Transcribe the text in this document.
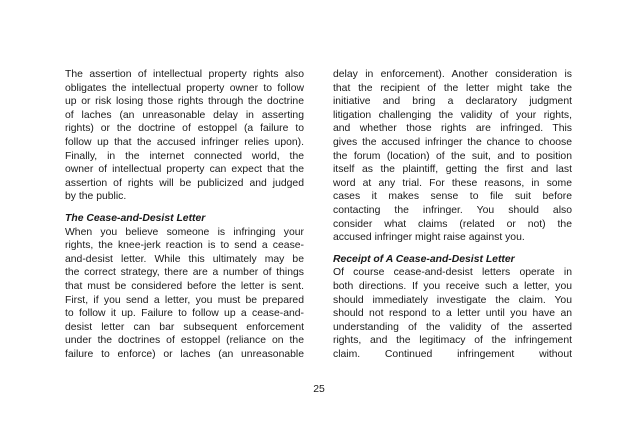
The assertion of intellectual property rights also
obligates the intellectual property owner to follow
up or risk losing those rights through the doctrine
of laches (an unreasonable delay in asserting
rights) or the doctrine of estoppel (a failure to
follow up that the accused infringer relies upon).
Finally, in the internet connected world, the
owner of intellectual property can expect that the
assertion of rights will be publicized and judged
by the public.
The Cease-and-Desist Letter
When you believe someone is infringing your
rights, the knee-jerk reaction is to send a cease-
and-desist letter. While this ultimately may be
the correct strategy, there are a number of things
that must be considered before the letter is sent.
First, if you send a letter, you must be prepared
to follow it up. Failure to follow up a cease-and-
desist letter can bar subsequent enforcement
under the doctrines of estoppel (reliance on the
failure to enforce) or laches (an unreasonable
delay in enforcement). Another consideration is
that the recipient of the letter might take the
initiative and bring a declaratory judgment
litigation challenging the validity of your rights,
and whether those rights are infringed. This
gives the accused infringer the chance to choose
the forum (location) of the suit, and to position
itself as the plaintiff, getting the first and last
word at any trial. For these reasons, in some
cases it makes sense to file suit before
contacting the infringer. You should also
consider what claims (related or not) the
accused infringer might raise against you.
Receipt of A Cease-and-Desist Letter
Of course cease-and-desist letters operate in
both directions. If you receive such a letter, you
should immediately investigate the claim. You
should not respond to a letter until you have an
understanding of the validity of the asserted
rights, and the legitimacy of the infringement
claim. Continued infringement without
25
